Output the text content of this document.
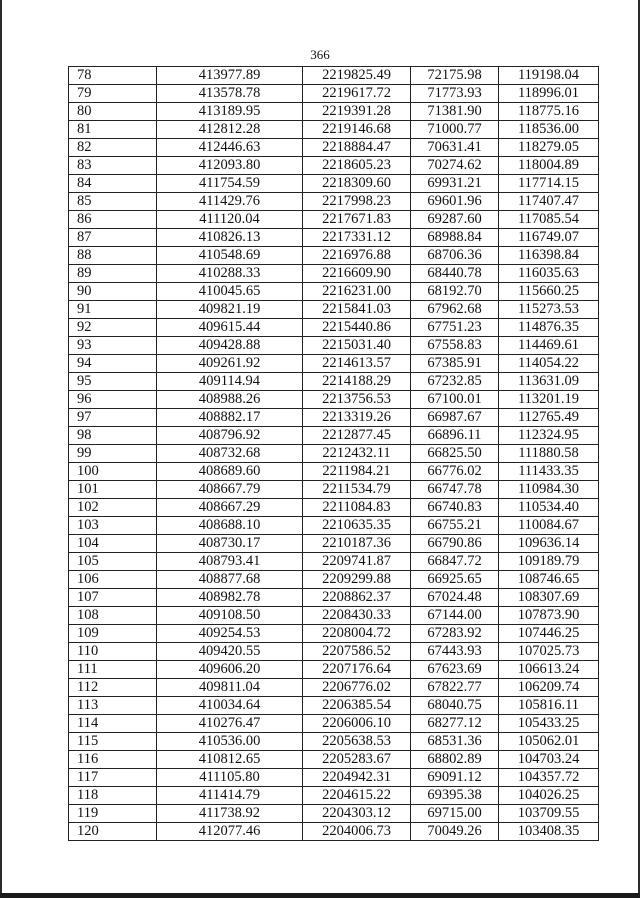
366
78	413977.89	2219825.49	72175.98	119198.04
79	413578.78	2219617.72	71773.93	118996.01
80	413189.95	2219391.28	71381.90	118775.16
81	412812.28	2219146.68	71000.77	118536.00
82	412446.63	2218884.47	70631.41	118279.05
83	412093.80	2218605.23	70274.62	118004.89
84	411754.59	2218309.60	69931.21	117714.15
85	411429.76	2217998.23	69601.96	117407.47
86	411120.04	2217671.83	69287.60	117085.54
87	410826.13	2217331.12	68988.84	116749.07
88	410548.69	2216976.88	68706.36	116398.84
89	410288.33	2216609.90	68440.78	116035.63
90	410045.65	2216231.00	68192.70	115660.25
91	409821.19	2215841.03	67962.68	115273.53
92	409615.44	2215440.86	67751.23	114876.35
93	409428.88	2215031.40	67558.83	114469.61
94	409261.92	2214613.57	67385.91	114054.22
95	409114.94	2214188.29	67232.85	113631.09
96	408988.26	2213756.53	67100.01	113201.19
97	408882.17	2213319.26	66987.67	112765.49
98	408796.92	2212877.45	66896.11	112324.95
99	408732.68	2212432.11	66825.50	111880.58
100	408689.60	2211984.21	66776.02	111433.35
101	408667.79	2211534.79	66747.78	110984.30
102	408667.29	2211084.83	66740.83	110534.40
103	408688.10	2210635.35	66755.21	110084.67
104	408730.17	2210187.36	66790.86	109636.14
105	408793.41	2209741.87	66847.72	109189.79
106	408877.68	2209299.88	66925.65	108746.65
107	408982.78	2208862.37	67024.48	108307.69
108	409108.50	2208430.33	67144.00	107873.90
109	409254.53	2208004.72	67283.92	107446.25
110	409420.55	2207586.52	67443.93	107025.73
111	409606.20	2207176.64	67623.69	106613.24
112	409811.04	2206776.02	67822.77	106209.74
113	410034.64	2206385.54	68040.75	105816.11
114	410276.47	2206006.10	68277.12	105433.25
115	410536.00	2205638.53	68531.36	105062.01
116	410812.65	2205283.67	68802.89	104703.24
117	411105.80	2204942.31	69091.12	104357.72
118	411414.79	2204615.22	69395.38	104026.25
119	411738.92	2204303.12	69715.00	103709.55
120	412077.46	2204006.73	70049.26	103408.35
